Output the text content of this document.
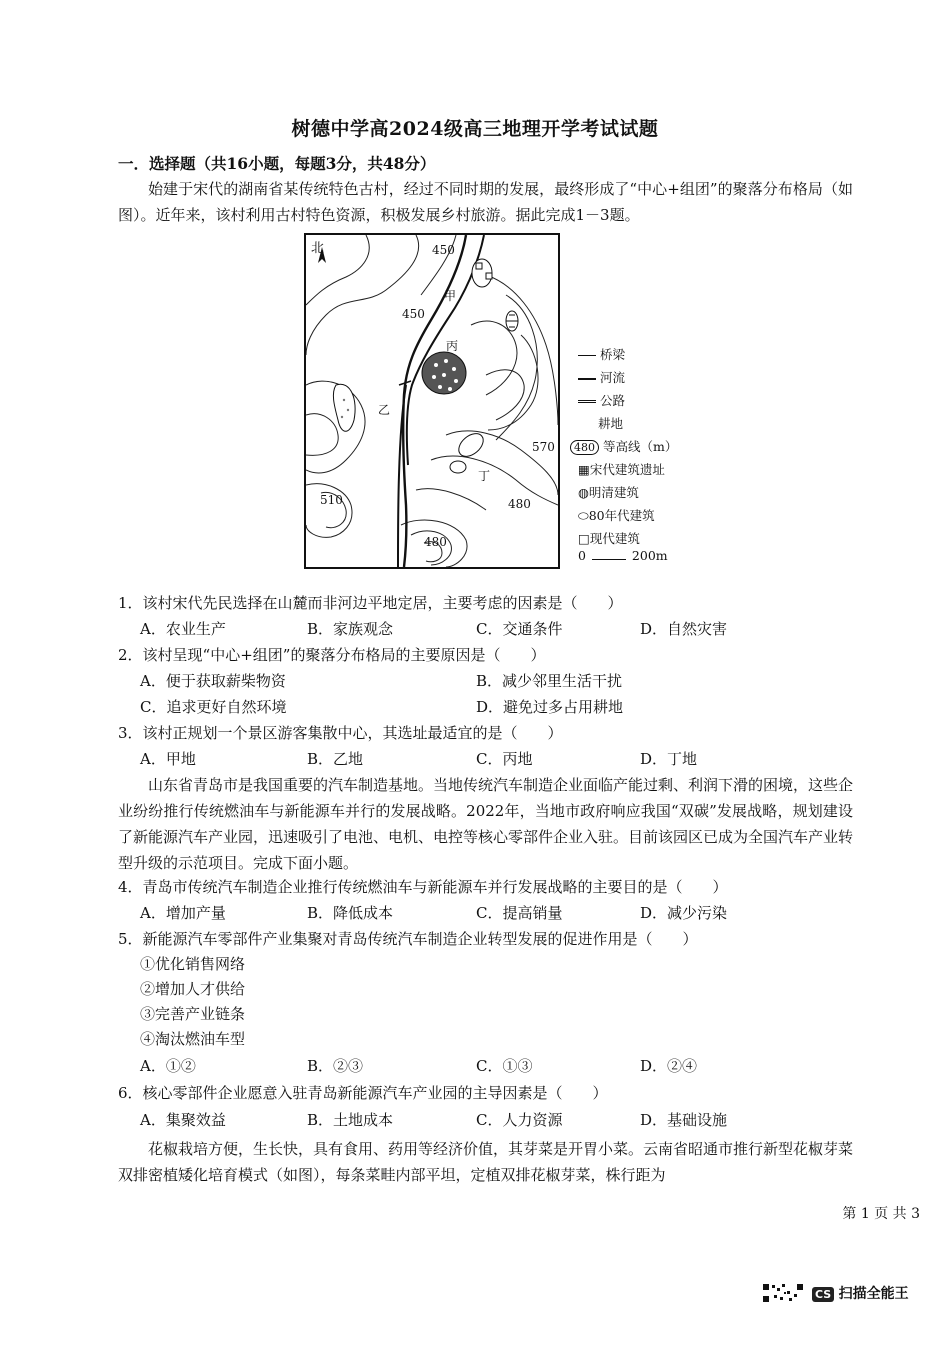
树德中学高2024级高三地理开学考试试题
一．选择题（共16小题，每题3分，共48分）
始建于宋代的湖南省某传统特色古村，经过不同时期的发展，最终形成了“中心+组团”的聚落分布格局（如图）。近年来，该村利用古村特色资源，积极发展乡村旅游。据此完成1－3题。
北	450
450
570
510	480
480
甲
乙
丙
丁
桥梁
河流
公路
耕地
480 等高线（m）
▦宋代建筑遗址
◍明清建筑
⬭80年代建筑
□现代建筑
0	200m
1．该村宋代先民选择在山麓而非河边平地定居，主要考虑的因素是（　　）
A．农业生产	B．家族观念	C．交通条件	D．自然灾害
2．该村呈现“中心+组团”的聚落分布格局的主要原因是（　　）
A．便于获取薪柴物资	B．减少邻里生活干扰
C．追求更好自然环境	D．避免过多占用耕地
3．该村正规划一个景区游客集散中心，其选址最适宜的是（　　）
A．甲地	B．乙地	C．丙地	D．丁地
山东省青岛市是我国重要的汽车制造基地。当地传统汽车制造企业面临产能过剩、利润下滑的困境，这些企业纷纷推行传统燃油车与新能源车并行的发展战略。2022年，当地市政府响应我国“双碳”发展战略，规划建设了新能源汽车产业园，迅速吸引了电池、电机、电控等核心零部件企业入驻。目前该园区已成为全国汽车产业转型升级的示范项目。完成下面小题。
4．青岛市传统汽车制造企业推行传统燃油车与新能源车并行发展战略的主要目的是（　　）
A．增加产量	B．降低成本	C．提高销量	D．减少污染
5．新能源汽车零部件产业集聚对青岛传统汽车制造企业转型发展的促进作用是（　　）
①优化销售网络
②增加人才供给
③完善产业链条
④淘汰燃油车型
A．①②	B．②③	C．①③	D．②④
6．核心零部件企业愿意入驻青岛新能源汽车产业园的主导因素是（　　）
A．集聚效益	B．土地成本	C．人力资源	D．基础设施
花椒栽培方便，生长快，具有食用、药用等经济价值，其芽菜是开胃小菜。云南省昭通市推行新型花椒芽菜双排密植矮化培育模式（如图），每条菜畦内部平坦，定植双排花椒芽菜，株行距为
第 1 页 共 3
CS 扫描全能王
